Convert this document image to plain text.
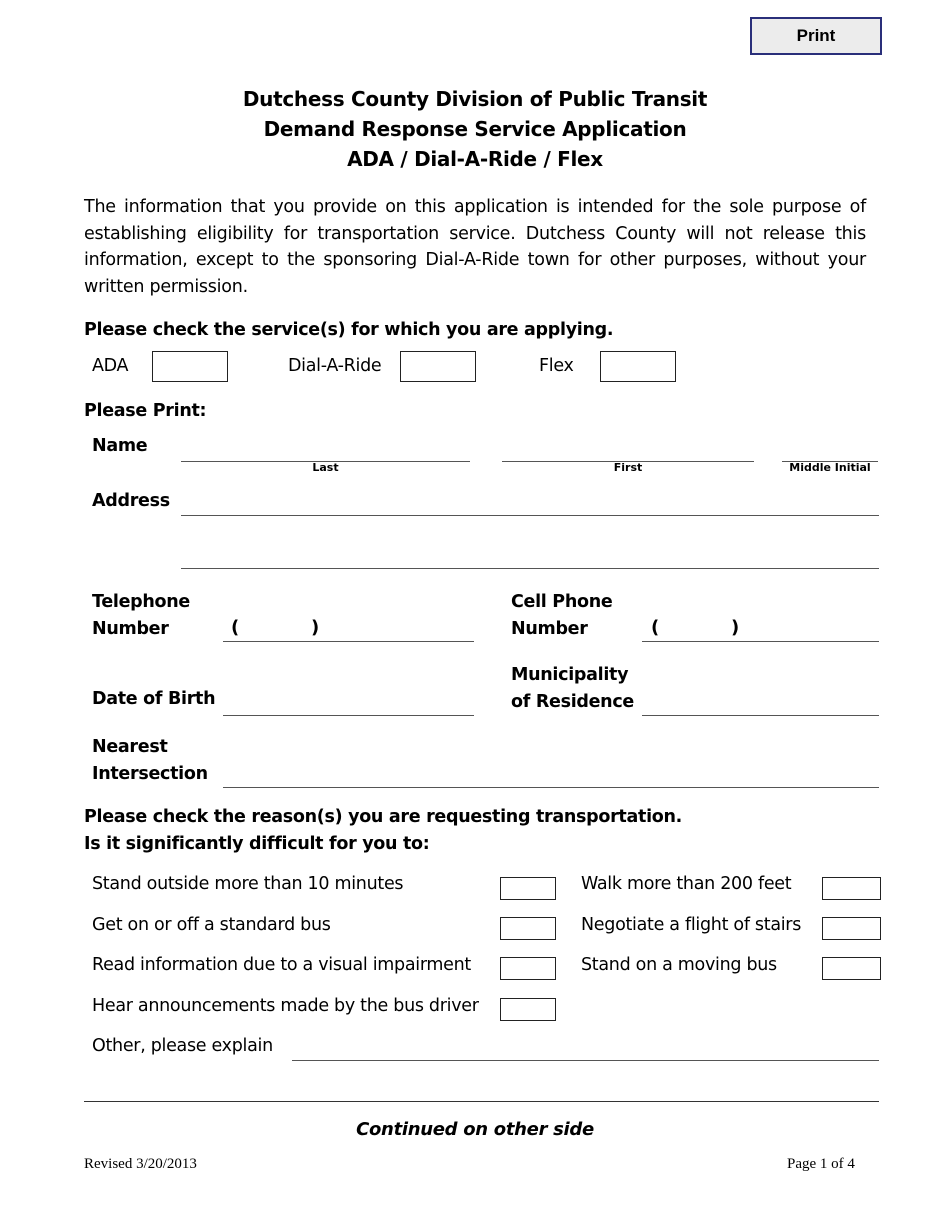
Print
Dutchess County Division of Public Transit
Demand Response Service Application
ADA / Dial-A-Ride / Flex
The information that you provide on this application is intended for the sole purpose of establishing eligibility for transportation service. Dutchess County will not release this information, except to the sponsoring Dial-A-Ride town for other purposes, without your written permission.
Please check the service(s) for which you are applying.
ADA	Dial-A-Ride	Flex
Please Print:
Name
Last	First	Middle Initial
Address
Telephone
Number	(	)
Cell Phone
Number	(	)
Date of Birth
Municipality
of Residence
Nearest
Intersection
Please check the reason(s) you are requesting transportation.
Is it significantly difficult for you to:
Stand outside more than 10 minutes	Walk more than 200 feet
Get on or off a standard bus	Negotiate a flight of stairs
Read information due to a visual impairment	Stand on a moving bus
Hear announcements made by the bus driver
Other, please explain
Continued on other side
Revised 3/20/2013	Page 1 of 4
